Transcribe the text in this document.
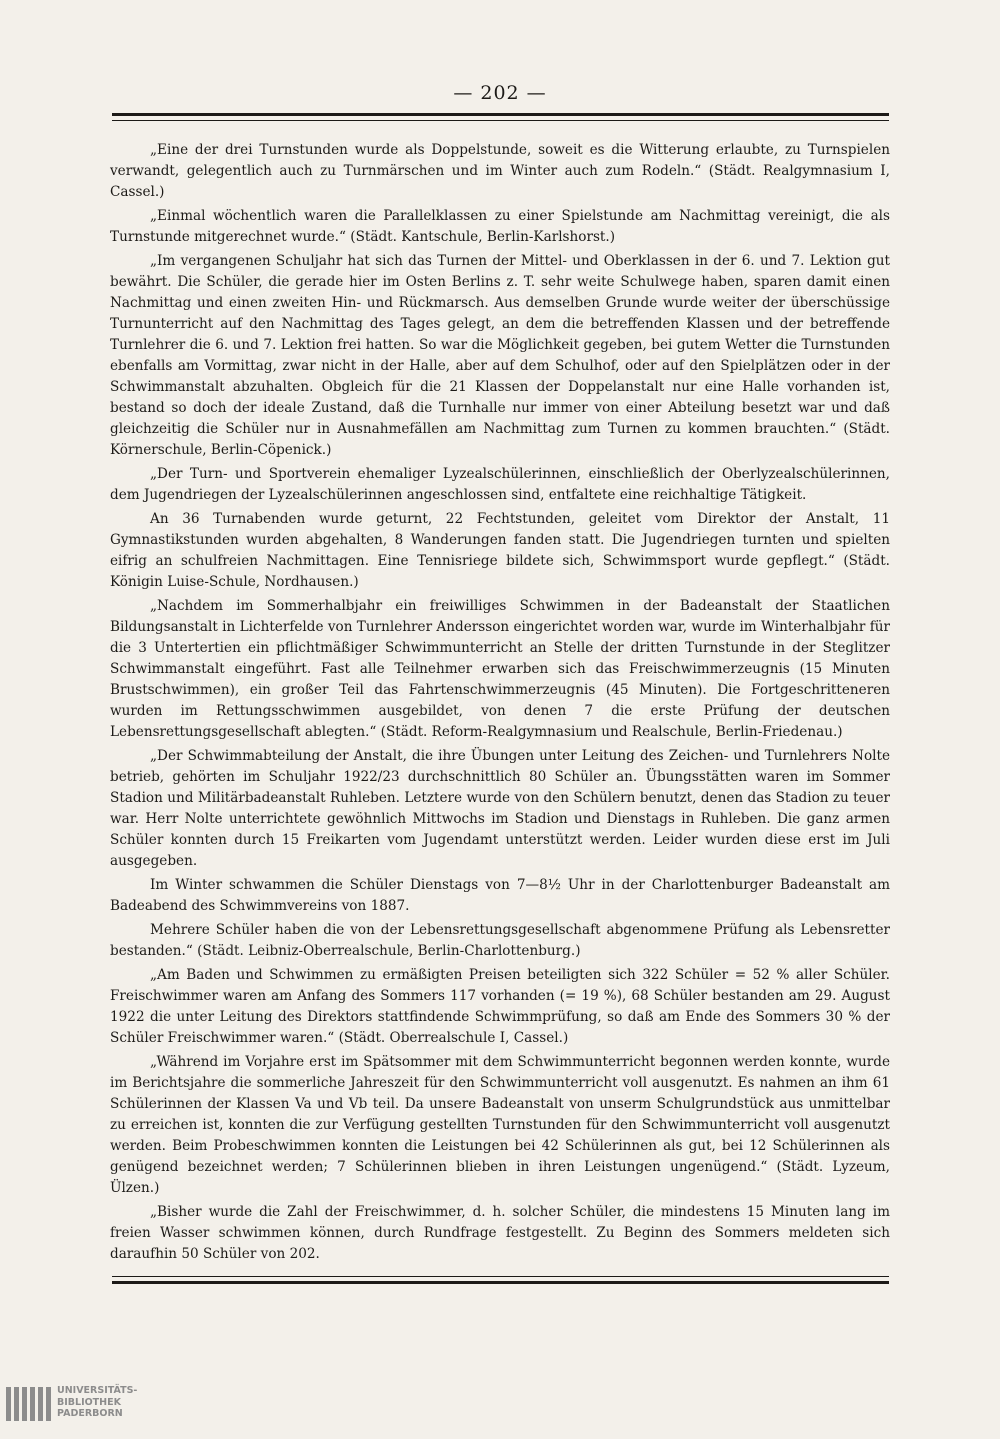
— 202 —

„Eine der drei Turnstunden wurde als Doppelstunde, soweit es die Witterung erlaubte, zu Turnspielen verwandt, gelegentlich auch zu Turnmärschen und im Winter auch zum Rodeln.“ (Städt. Realgymnasium I, Cassel.)

„Einmal wöchentlich waren die Parallelklassen zu einer Spielstunde am Nachmittag vereinigt, die als Turnstunde mitgerechnet wurde.“ (Städt. Kantschule, Berlin-Karlshorst.)

„Im vergangenen Schuljahr hat sich das Turnen der Mittel- und Oberklassen in der 6. und 7. Lektion gut bewährt. Die Schüler, die gerade hier im Osten Berlins z. T. sehr weite Schulwege haben, sparen damit einen Nachmittag und einen zweiten Hin- und Rückmarsch. Aus demselben Grunde wurde weiter der überschüssige Turnunterricht auf den Nachmittag des Tages gelegt, an dem die betreffenden Klassen und der betreffende Turnlehrer die 6. und 7. Lektion frei hatten. So war die Möglichkeit gegeben, bei gutem Wetter die Turnstunden ebenfalls am Vormittag, zwar nicht in der Halle, aber auf dem Schulhof, oder auf den Spielplätzen oder in der Schwimmanstalt abzuhalten. Obgleich für die 21 Klassen der Doppelanstalt nur eine Halle vorhanden ist, bestand so doch der ideale Zustand, daß die Turnhalle nur immer von einer Abteilung besetzt war und daß gleichzeitig die Schüler nur in Ausnahmefällen am Nachmittag zum Turnen zu kommen brauchten.“ (Städt. Körnerschule, Berlin-Cöpenick.)

„Der Turn- und Sportverein ehemaliger Lyzealschülerinnen, einschließlich der Oberlyzealschülerinnen, dem Jugendriegen der Lyzealschülerinnen angeschlossen sind, entfaltete eine reichhaltige Tätigkeit.

An 36 Turnabenden wurde geturnt, 22 Fechtstunden, geleitet vom Direktor der Anstalt, 11 Gymnastikstunden wurden abgehalten, 8 Wanderungen fanden statt. Die Jugendriegen turnten und spielten eifrig an schulfreien Nachmittagen. Eine Tennisriege bildete sich, Schwimmsport wurde gepflegt.“ (Städt. Königin Luise-Schule, Nordhausen.)

„Nachdem im Sommerhalbjahr ein freiwilliges Schwimmen in der Badeanstalt der Staatlichen Bildungsanstalt in Lichterfelde von Turnlehrer Andersson eingerichtet worden war, wurde im Winterhalbjahr für die 3 Untertertien ein pflichtmäßiger Schwimmunterricht an Stelle der dritten Turnstunde in der Steglitzer Schwimmanstalt eingeführt. Fast alle Teilnehmer erwarben sich das Freischwimmerzeugnis (15 Minuten Brustschwimmen), ein großer Teil das Fahrtenschwimmerzeugnis (45 Minuten). Die Fortgeschritteneren wurden im Rettungsschwimmen ausgebildet, von denen 7 die erste Prüfung der deutschen Lebensrettungsgesellschaft ablegten.“ (Städt. Reform-Realgymnasium und Realschule, Berlin-Friedenau.)

„Der Schwimmabteilung der Anstalt, die ihre Übungen unter Leitung des Zeichen- und Turnlehrers Nolte betrieb, gehörten im Schuljahr 1922/23 durchschnittlich 80 Schüler an. Übungsstätten waren im Sommer Stadion und Militärbadeanstalt Ruhleben. Letztere wurde von den Schülern benutzt, denen das Stadion zu teuer war. Herr Nolte unterrichtete gewöhnlich Mittwochs im Stadion und Dienstags in Ruhleben. Die ganz armen Schüler konnten durch 15 Freikarten vom Jugendamt unterstützt werden. Leider wurden diese erst im Juli ausgegeben.

Im Winter schwammen die Schüler Dienstags von 7—8½ Uhr in der Charlottenburger Badeanstalt am Badeabend des Schwimmvereins von 1887.

Mehrere Schüler haben die von der Lebensrettungsgesellschaft abgenommene Prüfung als Lebensretter bestanden.“ (Städt. Leibniz-Oberrealschule, Berlin-Charlottenburg.)

„Am Baden und Schwimmen zu ermäßigten Preisen beteiligten sich 322 Schüler = 52 % aller Schüler. Freischwimmer waren am Anfang des Sommers 117 vorhanden (= 19 %), 68 Schüler bestanden am 29. August 1922 die unter Leitung des Direktors stattfindende Schwimmprüfung, so daß am Ende des Sommers 30 % der Schüler Freischwimmer waren.“ (Städt. Oberrealschule I, Cassel.)

„Während im Vorjahre erst im Spätsommer mit dem Schwimmunterricht begonnen werden konnte, wurde im Berichtsjahre die sommerliche Jahreszeit für den Schwimmunterricht voll ausgenutzt. Es nahmen an ihm 61 Schülerinnen der Klassen Va und Vb teil. Da unsere Badeanstalt von unserm Schulgrundstück aus unmittelbar zu erreichen ist, konnten die zur Verfügung gestellten Turnstunden für den Schwimmunterricht voll ausgenutzt werden. Beim Probeschwimmen konnten die Leistungen bei 42 Schülerinnen als gut, bei 12 Schülerinnen als genügend bezeichnet werden; 7 Schülerinnen blieben in ihren Leistungen ungenügend.“ (Städt. Lyzeum, Ülzen.)

„Bisher wurde die Zahl der Freischwimmer, d. h. solcher Schüler, die mindestens 15 Minuten lang im freien Wasser schwimmen können, durch Rundfrage festgestellt. Zu Beginn des Sommers meldeten sich daraufhin 50 Schüler von 202.

UNIVERSITÄTS-
BIBLIOTHEK
PADERBORN
